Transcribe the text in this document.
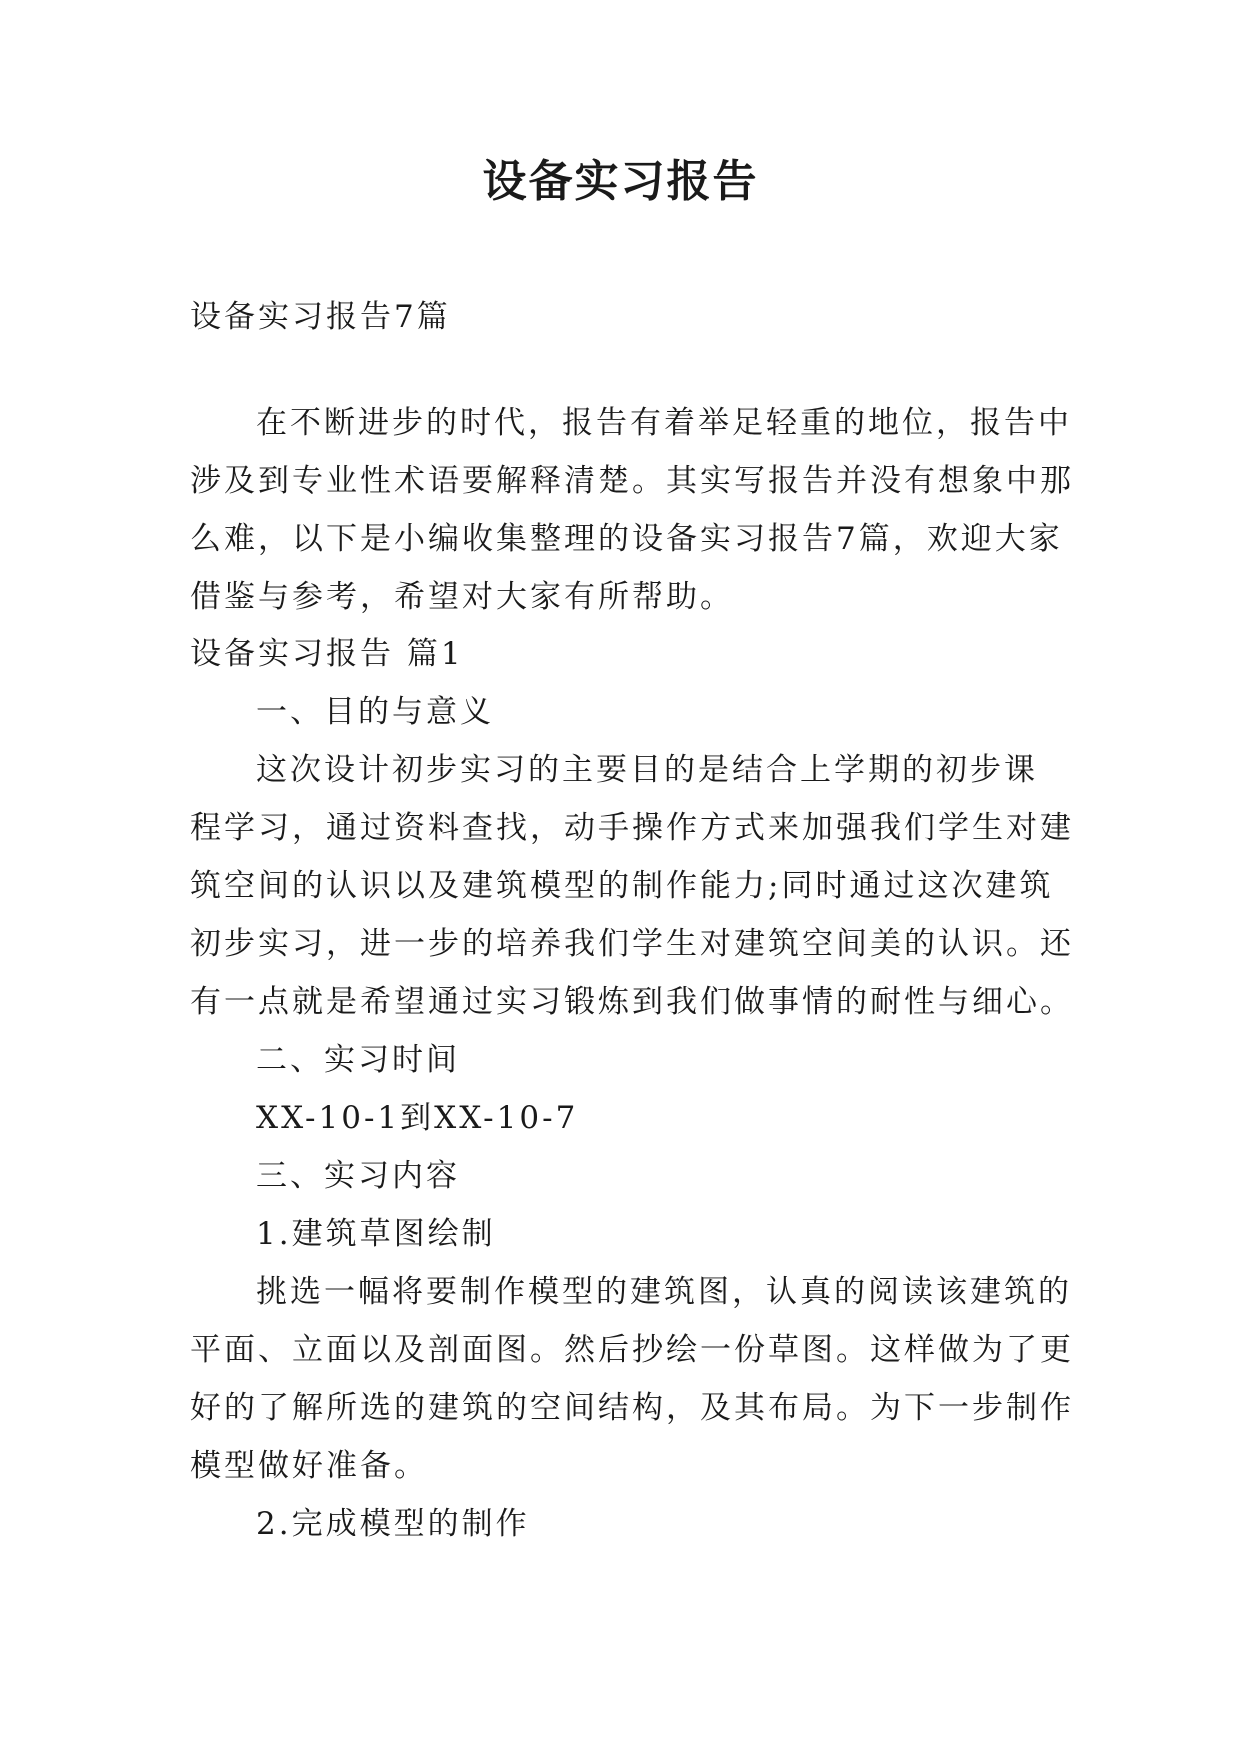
设备实习报告
设备实习报告7篇
在不断进步的时代，报告有着举足轻重的地位，报告中
涉及到专业性术语要解释清楚。其实写报告并没有想象中那
么难，以下是小编收集整理的设备实习报告7篇，欢迎大家
借鉴与参考，希望对大家有所帮助。
设备实习报告 篇1
一、目的与意义
这次设计初步实习的主要目的是结合上学期的初步课
程学习，通过资料查找，动手操作方式来加强我们学生对建
筑空间的认识以及建筑模型的制作能力;同时通过这次建筑
初步实习，进一步的培养我们学生对建筑空间美的认识。还
有一点就是希望通过实习锻炼到我们做事情的耐性与细心。
二、实习时间
XX-10-1到XX-10-7
三、实习内容
1.建筑草图绘制
挑选一幅将要制作模型的建筑图，认真的阅读该建筑的
平面、立面以及剖面图。然后抄绘一份草图。这样做为了更
好的了解所选的建筑的空间结构，及其布局。为下一步制作
模型做好准备。
2.完成模型的制作
